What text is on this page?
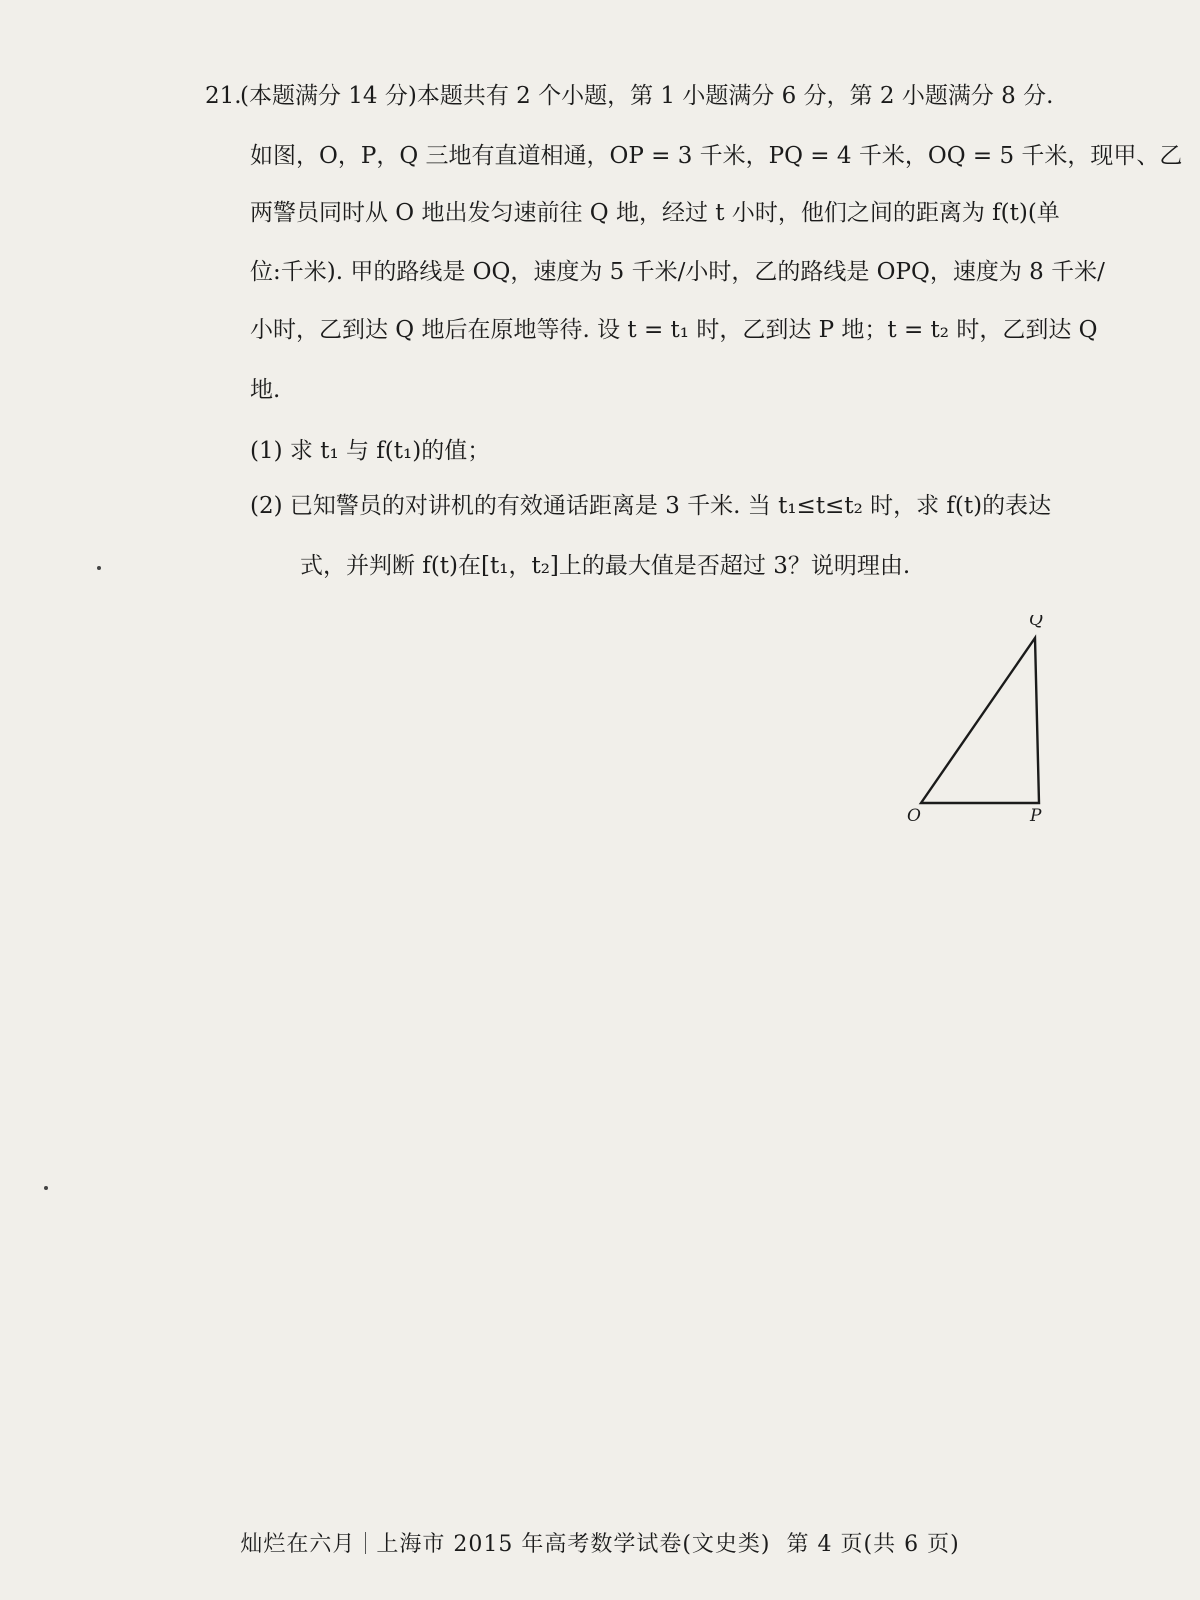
21.
(本题满分 14 分)本题共有 2 个小题，第 1 小题满分 6 分，第 2 小题满分 8 分.
如图，O，P，Q 三地有直道相通，OP = 3 千米，PQ = 4 千米，OQ = 5 千米，现甲、乙
两警员同时从 O 地出发匀速前往 Q 地，经过 t 小时，他们之间的距离为 f(t)(单
位:千米). 甲的路线是 OQ，速度为 5 千米/小时，乙的路线是 OPQ，速度为 8 千米/
小时，乙到达 Q 地后在原地等待. 设 t = t₁ 时，乙到达 P 地；t = t₂ 时，乙到达 Q
地.
(1) 求 t₁ 与 f(t₁)的值；
(2) 已知警员的对讲机的有效通话距离是 3 千米. 当 t₁≤t≤t₂ 时，求 f(t)的表达
式，并判断 f(t)在[t₁，t₂]上的最大值是否超过 3？说明理由.
Q
O	P
灿烂在六月 上海市 2015 年高考数学试卷(文史类) 第 4 页(共 6 页)
